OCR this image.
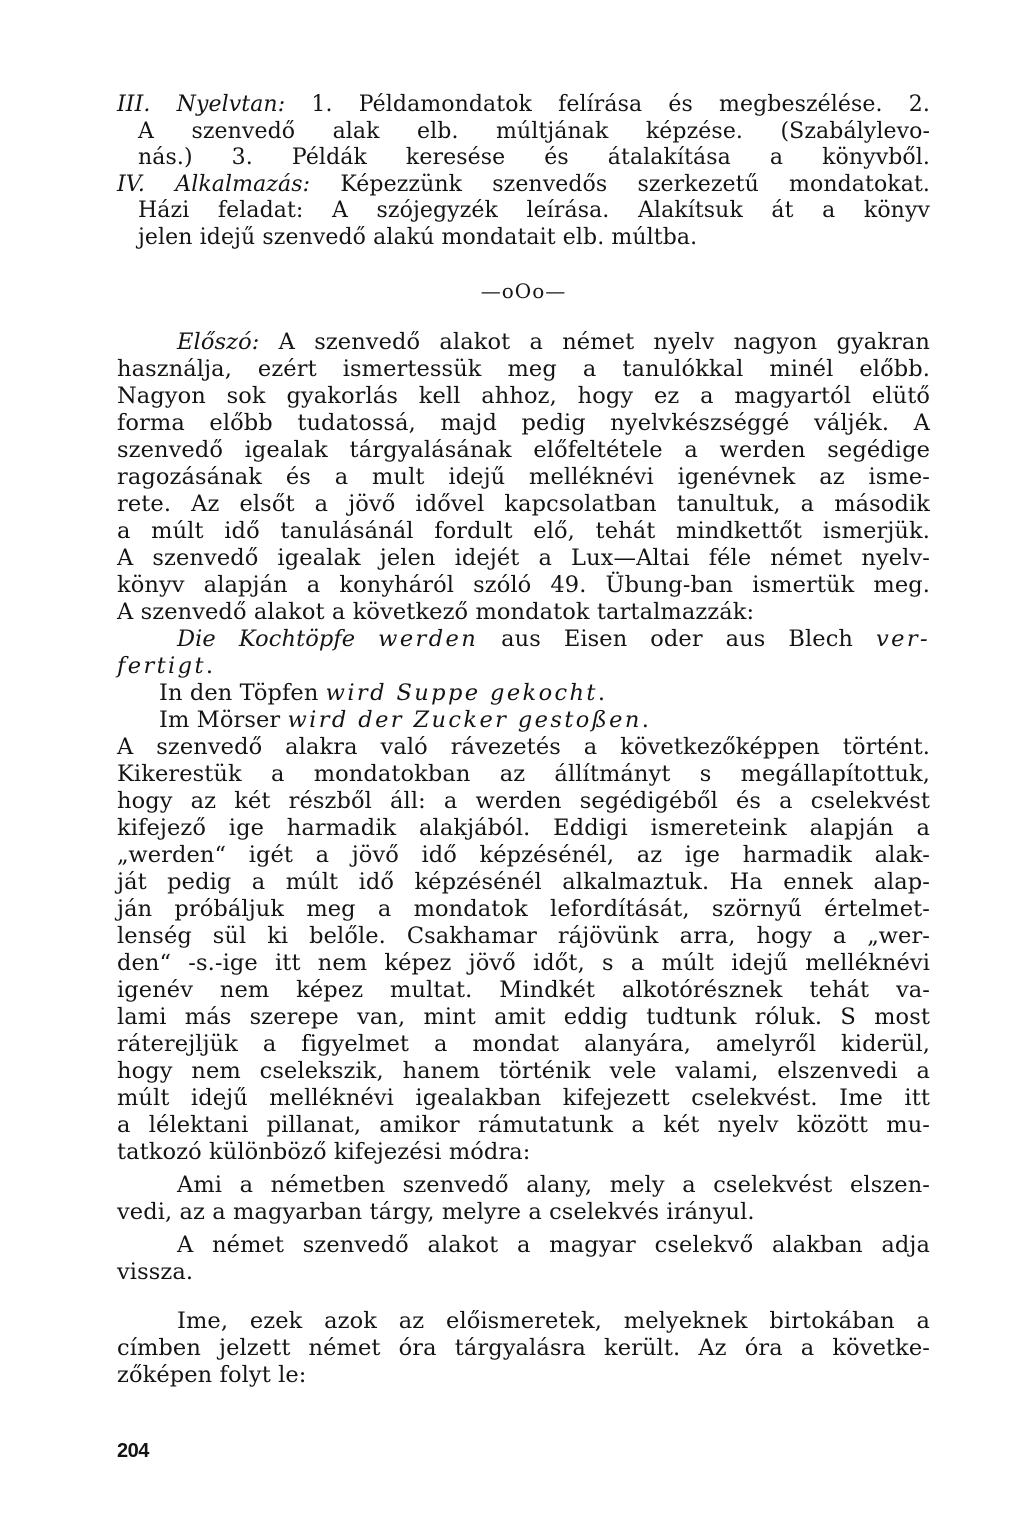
III. Nyelvtan: 1. Példamondatok felírása és megbeszélése. 2.
A szenvedő alak elb. múltjának képzése. (Szabálylevo-
nás.) 3. Példák keresése és átalakítása a könyvből.
IV. Alkalmazás: Képezzünk szenvedős szerkezetű mondatokat.
Házi feladat: A szójegyzék leírása. Alakítsuk át a könyv
jelen idejű szenvedő alakú mondatait elb. múltba.
—oOo—
Előszó: A szenvedő alakot a német nyelv nagyon gyakran
használja, ezért ismertessük meg a tanulókkal minél előbb.
Nagyon sok gyakorlás kell ahhoz, hogy ez a magyartól elütő
forma előbb tudatossá, majd pedig nyelvkészséggé váljék. A
szenvedő igealak tárgyalásának előfeltétele a werden segédige
ragozásának és a mult idejű melléknévi igenévnek az isme-
rete. Az elsőt a jövő idővel kapcsolatban tanultuk, a második
a múlt idő tanulásánál fordult elő, tehát mindkettőt ismerjük.
A szenvedő igealak jelen idejét a Lux—Altai féle német nyelv-
könyv alapján a konyháról szóló 49. Übung-ban ismertük meg.
A szenvedő alakot a következő mondatok tartalmazzák:
Die Kochtöpfe werden aus Eisen oder aus Blech ver-
fertigt.
In den Töpfen wird Suppe gekocht.
Im Mörser wird der Zucker gestoßen.
A szenvedő alakra való rávezetés a következőképpen történt.
Kikerestük a mondatokban az állítmányt s megállapítottuk,
hogy az két részből áll: a werden segédigéből és a cselekvést
kifejező ige harmadik alakjából. Eddigi ismereteink alapján a
„werden“ igét a jövő idő képzésénél, az ige harmadik alak-
ját pedig a múlt idő képzésénél alkalmaztuk. Ha ennek alap-
ján próbáljuk meg a mondatok lefordítását, szörnyű értelmet-
lenség sül ki belőle. Csakhamar rájövünk arra, hogy a „wer-
den“ -s.-ige itt nem képez jövő időt, s a múlt idejű melléknévi
igenév nem képez multat. Mindkét alkotórésznek tehát va-
lami más szerepe van, mint amit eddig tudtunk róluk. S most
ráterejljük a figyelmet a mondat alanyára, amelyről kiderül,
hogy nem cselekszik, hanem történik vele valami, elszenvedi a
múlt idejű melléknévi igealakban kifejezett cselekvést. Ime itt
a lélektani pillanat, amikor rámutatunk a két nyelv között mu-
tatkozó különböző kifejezési módra:
Ami a németben szenvedő alany, mely a cselekvést elszen-
vedi, az a magyarban tárgy, melyre a cselekvés irányul.
A német szenvedő alakot a magyar cselekvő alakban adja
vissza.
Ime, ezek azok az előismeretek, melyeknek birtokában a
címben jelzett német óra tárgyalásra került. Az óra a követke-
zőképen folyt le:
204
